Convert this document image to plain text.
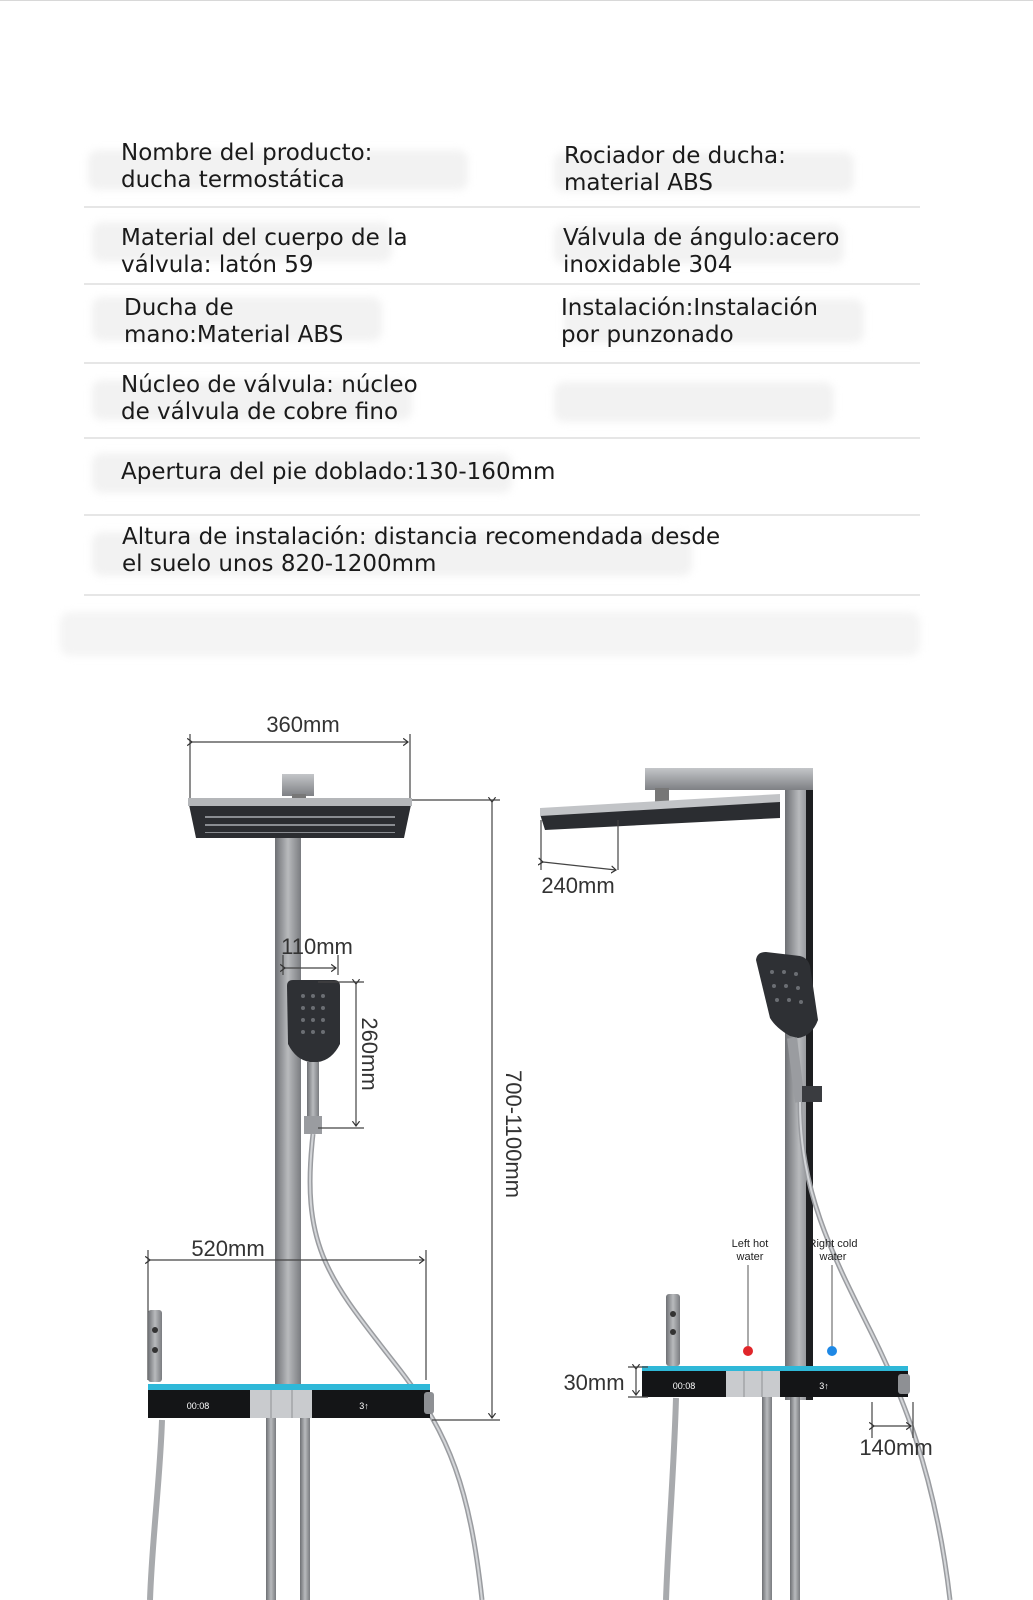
Nombre del producto:
ducha termostática
Rociador de ducha:
material ABS
Material del cuerpo de la
válvula: latón 59
Válvula de ángulo:acero
inoxidable 304
Ducha de
mano:Material ABS
Instalación:Instalación
por punzonado
Núcleo de válvula: núcleo
de válvula de cobre fino
Apertura del pie doblado:130-160mm
Altura de instalación: distancia recomendada desde
el suelo unos 820-1200mm
360mm
110mm
260mm
700-1100mm
520mm
00:08	3↑
240mm
Left hot
water
Right cold
water
00:08	3↑
30mm
140mm
